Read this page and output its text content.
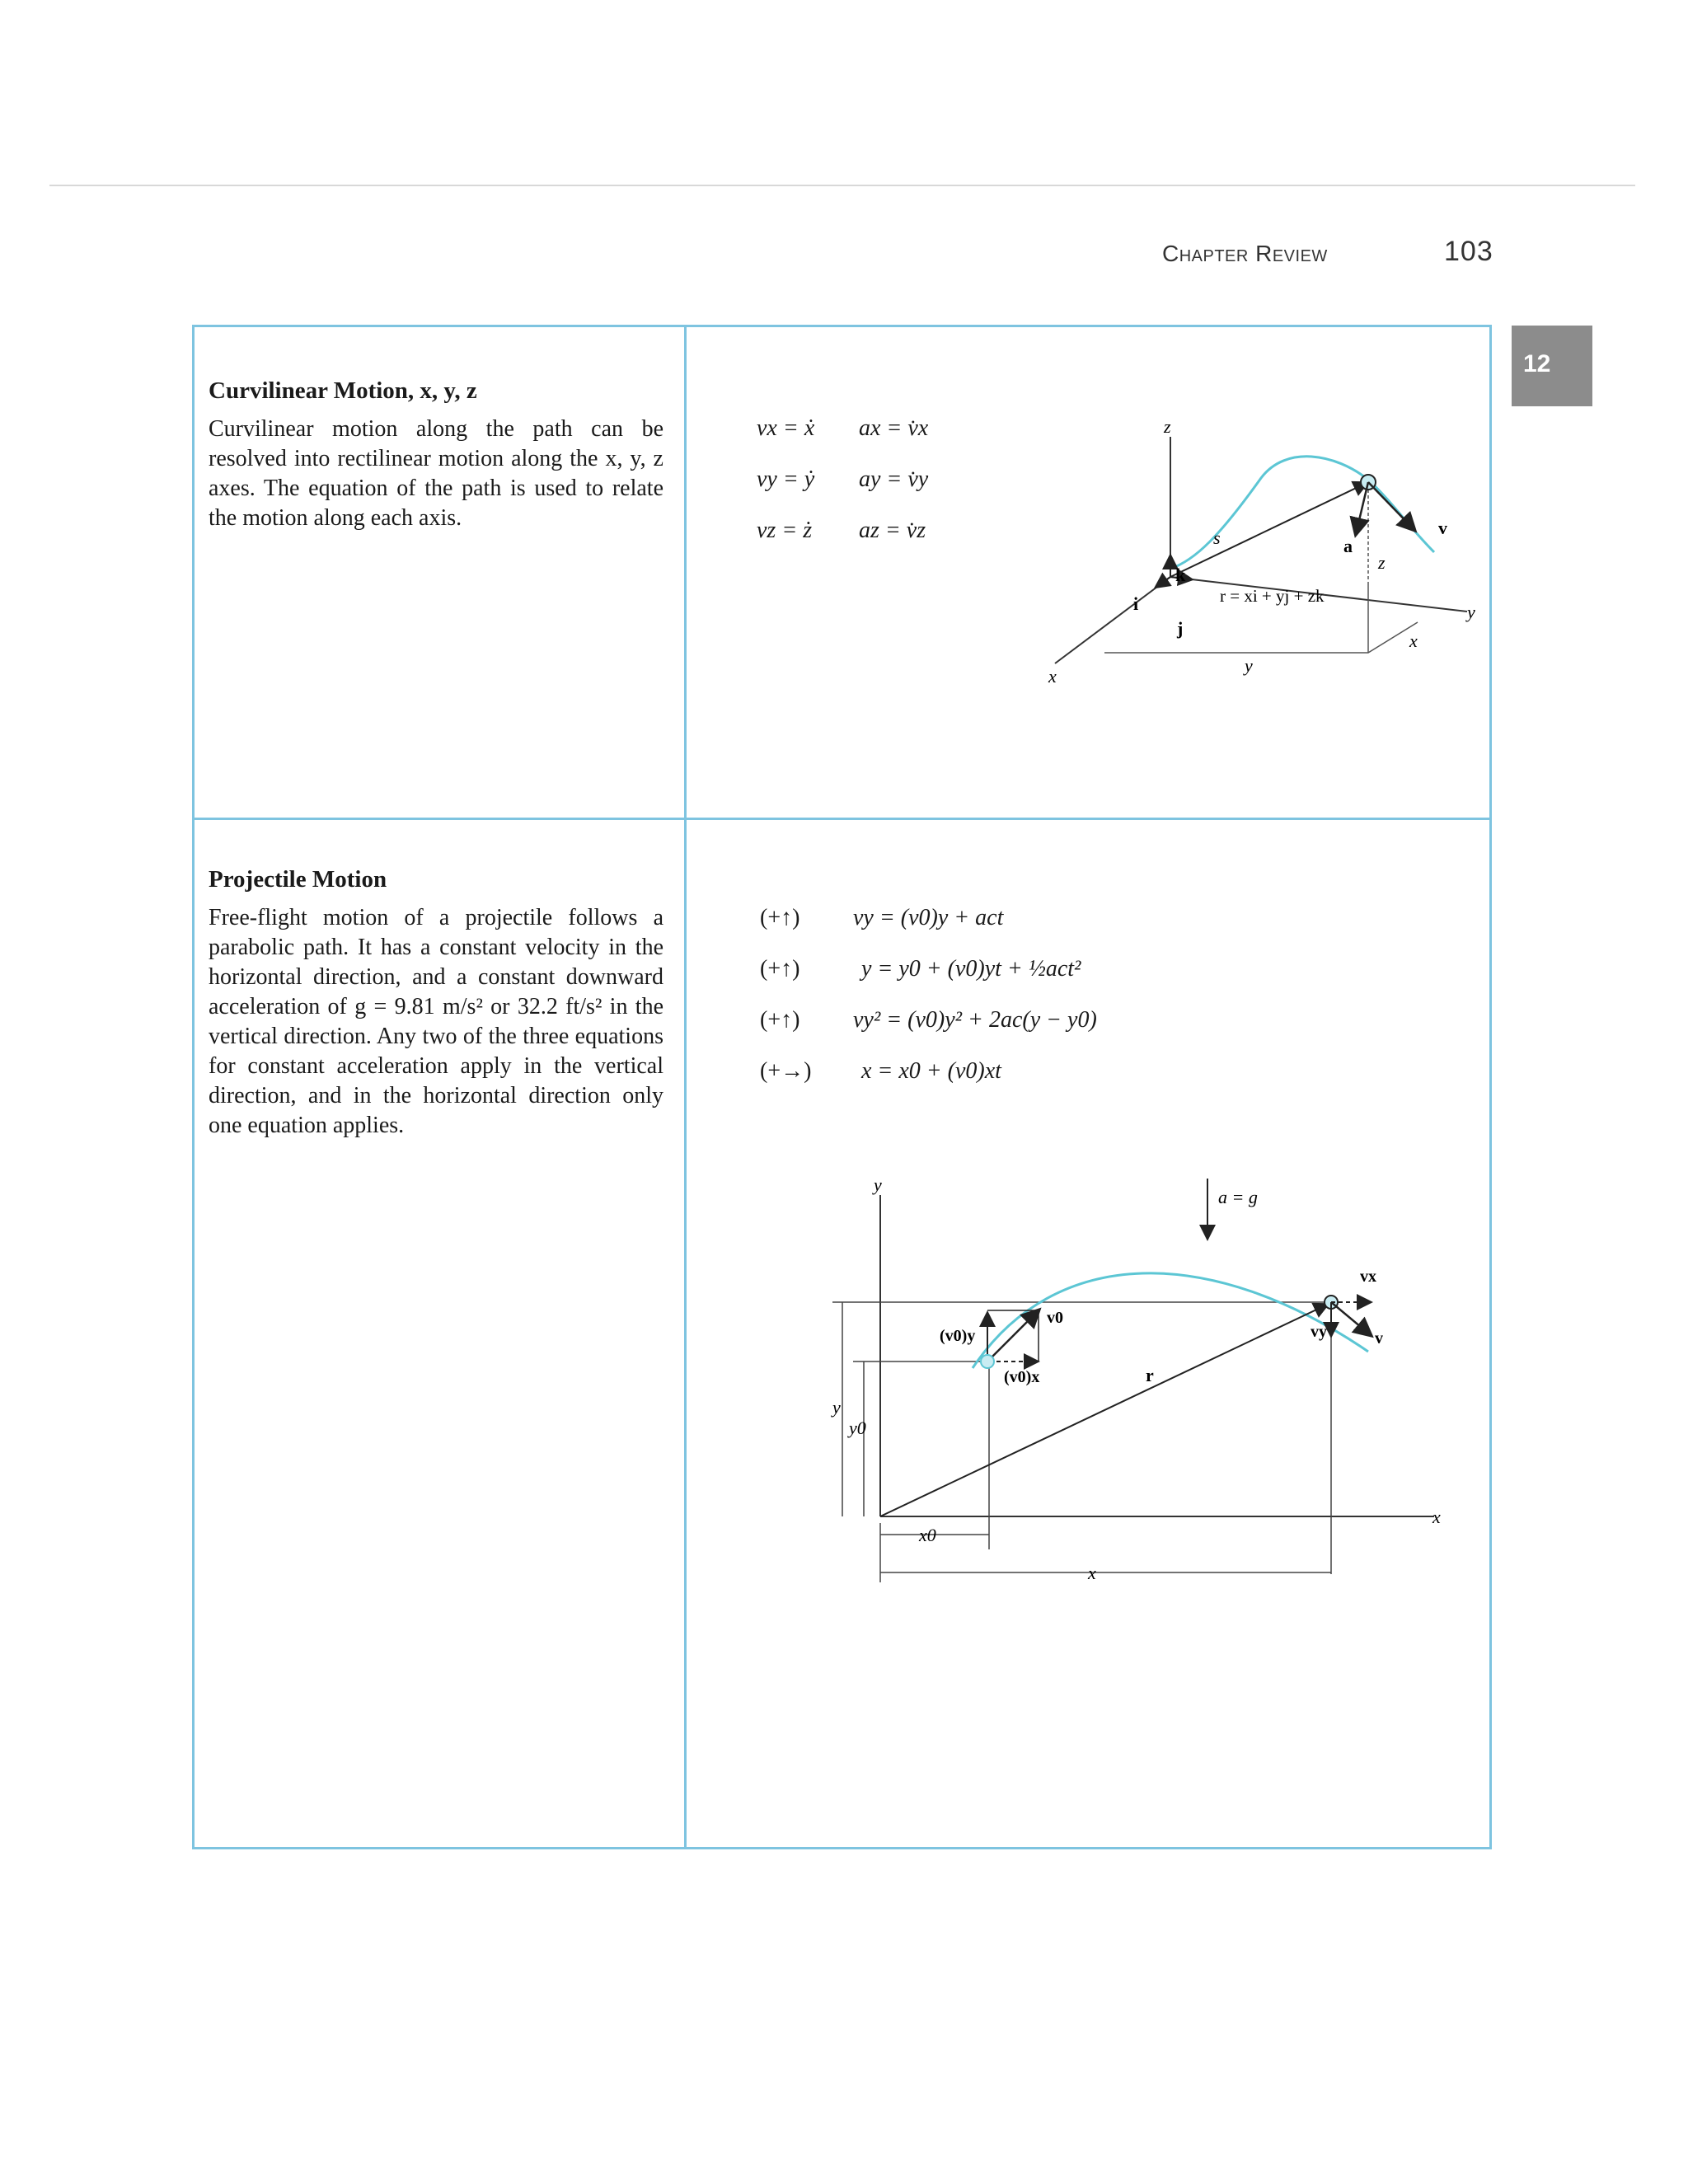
Chapter Review	103
12
Curvilinear Motion, x, y, z

Curvilinear motion along the path can be resolved into rectilinear motion along the x, y, z axes. The equation of the path is used to relate the motion along each axis.

vx = ẋ ax = v̇x
vy = ẏ ay = v̇y
vz = ż az = v̇z
z
s	a
v
k
i
j
r = xi + yj + zk
z
y
x
y
x
Projectile Motion

Free-flight motion of a projectile follows a parabolic path. It has a constant velocity in the horizontal direction, and a constant downward acceleration of g = 9.81 m/s² or 32.2 ft/s² in the vertical direction. Any two of the three equations for constant acceleration apply in the vertical direction, and in the horizontal direction only one equation applies.

(+↑) vy = (v0)y + act
(+↑)	y = y0 + (v0)yt + ½act²
(+↑) vy² = (v0)y² + 2ac(y − y0)
(+→) x = x0 + (v0)xt
y
a = g
vx
v0
(v0)y
(v0)x	r
vy	v
y
y0
x
x0
x
